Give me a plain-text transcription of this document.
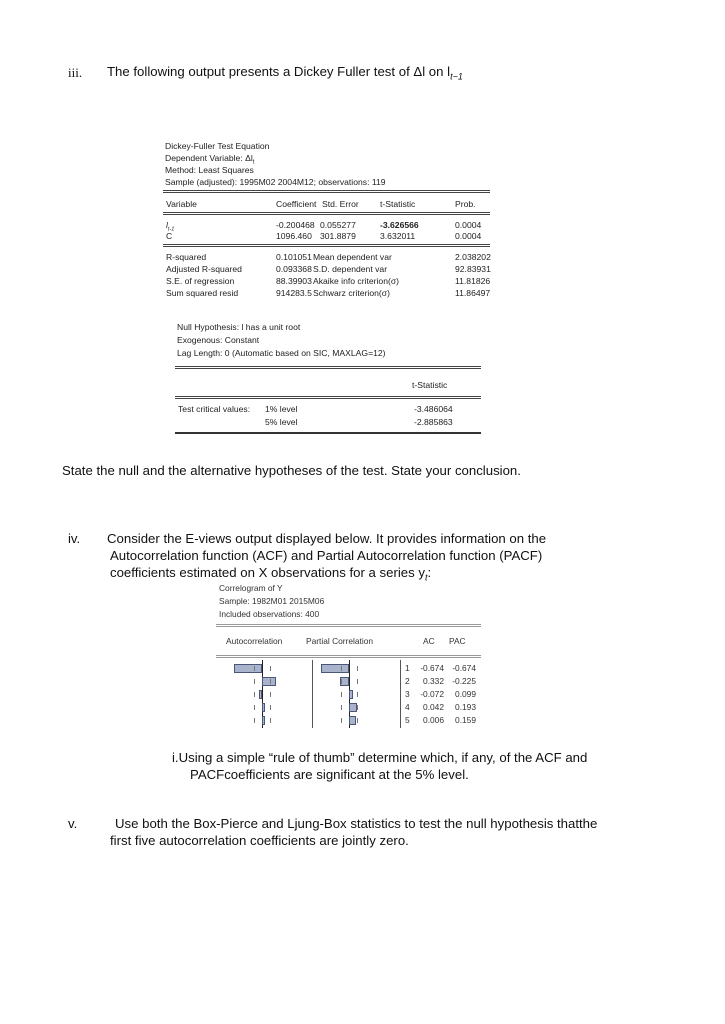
iii. The following output presents a Dickey Fuller test of Δl on $l_{t-1}$
Dickey-Fuller Test Equation
Dependent Variable: $\Delta l_t$
Method: Least Squares
Sample (adjusted): 1995M02 2004M12; observations: 119
Variable	Coefficient Std. Error t-Statistic	Prob.
$l_{t-1}$	-0.200468 0.055277	-3.626566	0.0004
C	1096.460 301.8879	3.632011	0.0004
R-squared	0.101051 Mean dependent var	2.038202
Adjusted R-squared	0.093368 S.D. dependent var	92.83931
S.E. of regression	88.39903 Akaike info criterion(σ)	11.81826
Sum squared resid	914283.5 Schwarz criterion(σ)	11.86497
Null Hypothesis: l has a unit root
Exogenous: Constant
Lag Length: 0 (Automatic based on SIC, MAXLAG=12)
t-Statistic
Test critical values: 1% level	-3.486064
5% level	-2.885863
State the null and the alternative hypotheses of the test. State your conclusion.
iv. Consider the E-views output displayed below. It provides information on the
Autocorrelation function (ACF) and Partial Autocorrelation function (PACF)
coefficients estimated on X observations for a series $y_t$:
Correlogram of Y
Sample: 1982M01 2015M06
Included observations: 400
Autocorrelation	Partial Correlation	AC PAC
1	-0.674 -0.674
2	0.332 -0.225
3	-0.072	0.099
4	0.042	0.193
5	0.006	0.159
i.Using a simple “rule of thumb” determine which, if any, of the ACF and
PACFcoefficients are significant at the 5% level.
v.	Use both the Box-Pierce and Ljung-Box statistics to test the null hypothesis thatthe
first five autocorrelation coefficients are jointly zero.
